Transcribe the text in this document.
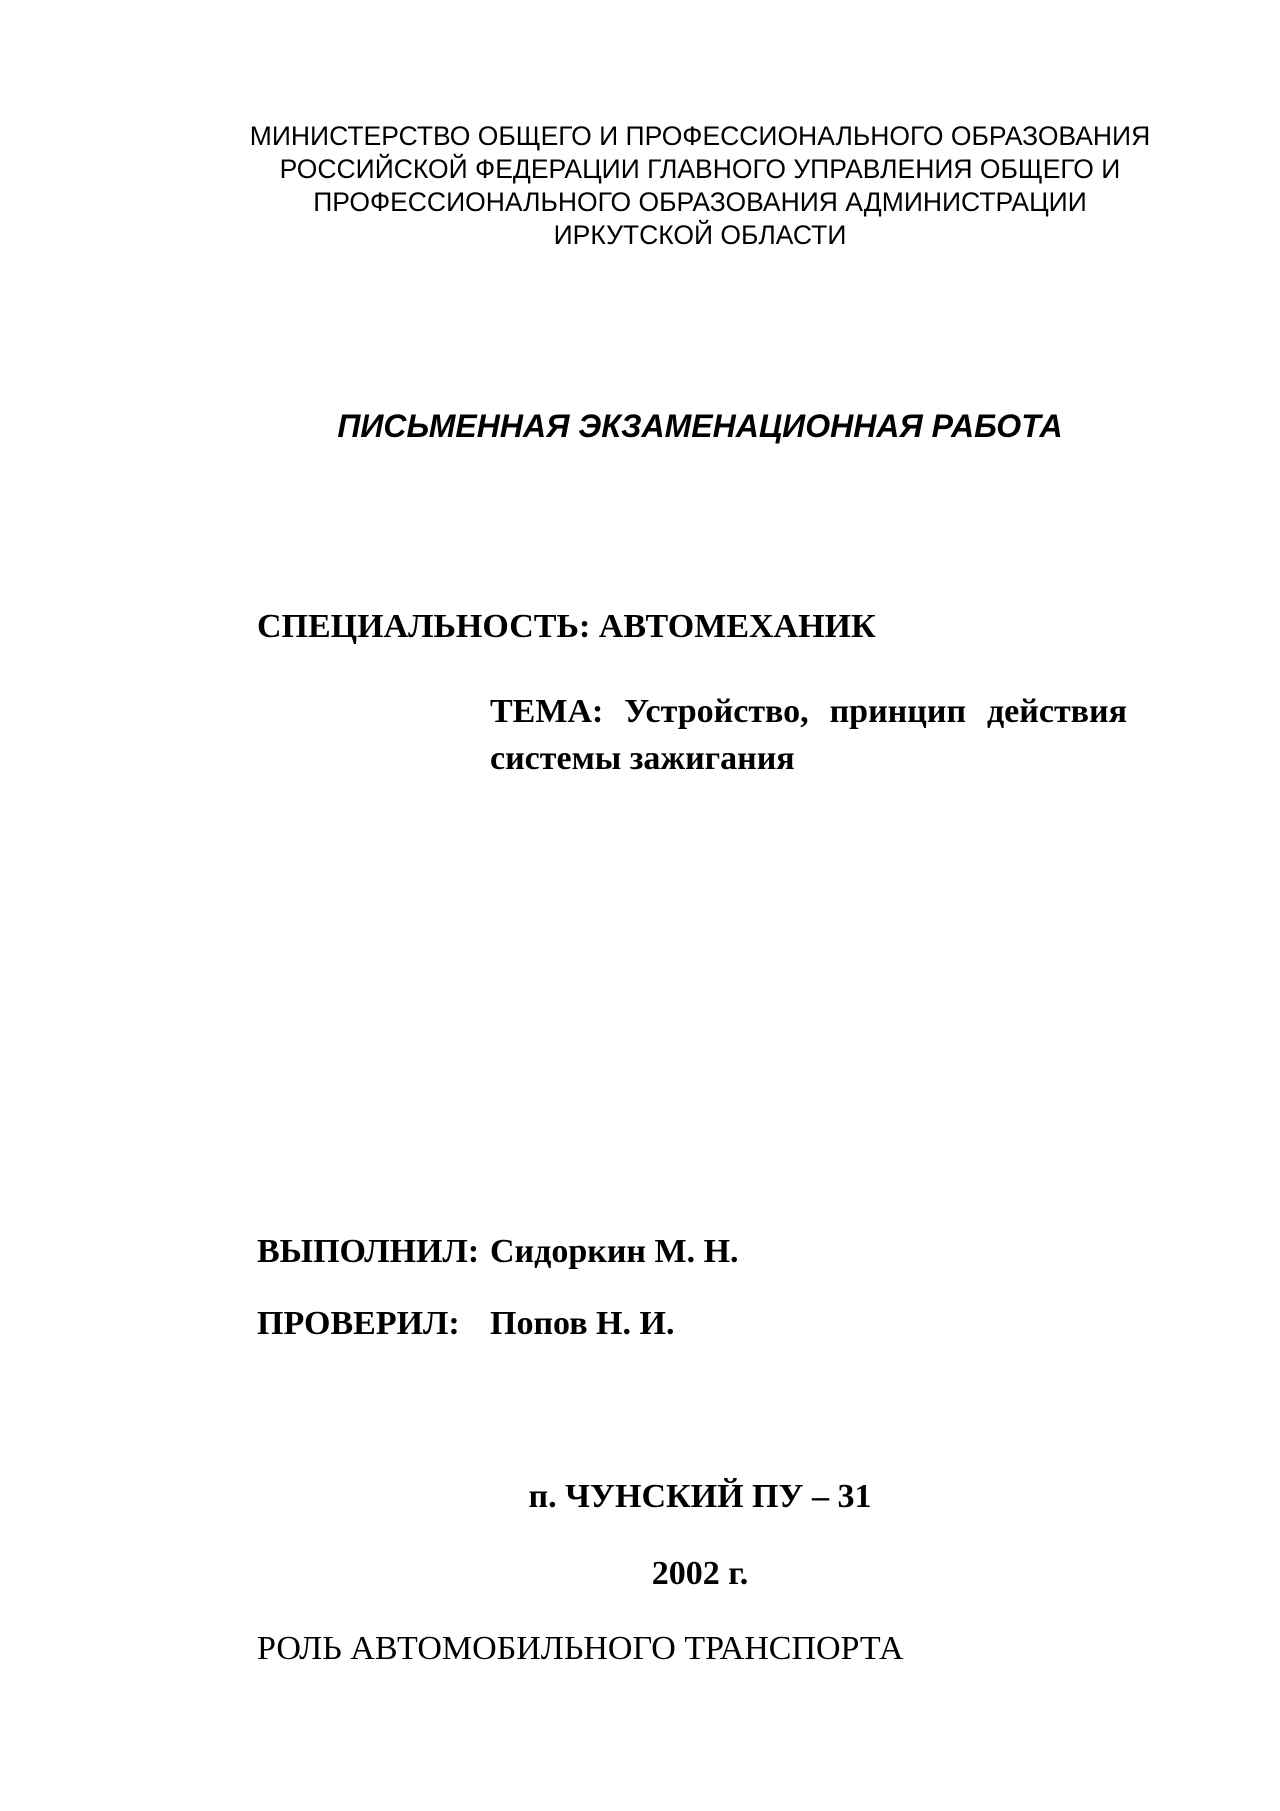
МИНИСТЕРСТВО ОБЩЕГО И ПРОФЕССИОНАЛЬНОГО ОБРАЗОВАНИЯ
РОССИЙСКОЙ ФЕДЕРАЦИИ ГЛАВНОГО УПРАВЛЕНИЯ ОБЩЕГО И
ПРОФЕССИОНАЛЬНОГО ОБРАЗОВАНИЯ АДМИНИСТРАЦИИ
ИРКУТСКОЙ ОБЛАСТИ
ПИСЬМЕННАЯ ЭКЗАМЕНАЦИОННАЯ РАБОТА
СПЕЦИАЛЬНОСТЬ: АВТОМЕХАНИК
ТЕМА: Устройство, принцип действия системы зажигания
ВЫПОЛНИЛ: Сидоркин М. Н.
ПРОВЕРИЛ: Попов Н. И.
п. ЧУНСКИЙ ПУ – 31
2002 г.
РОЛЬ АВТОМОБИЛЬНОГО ТРАНСПОРТА
